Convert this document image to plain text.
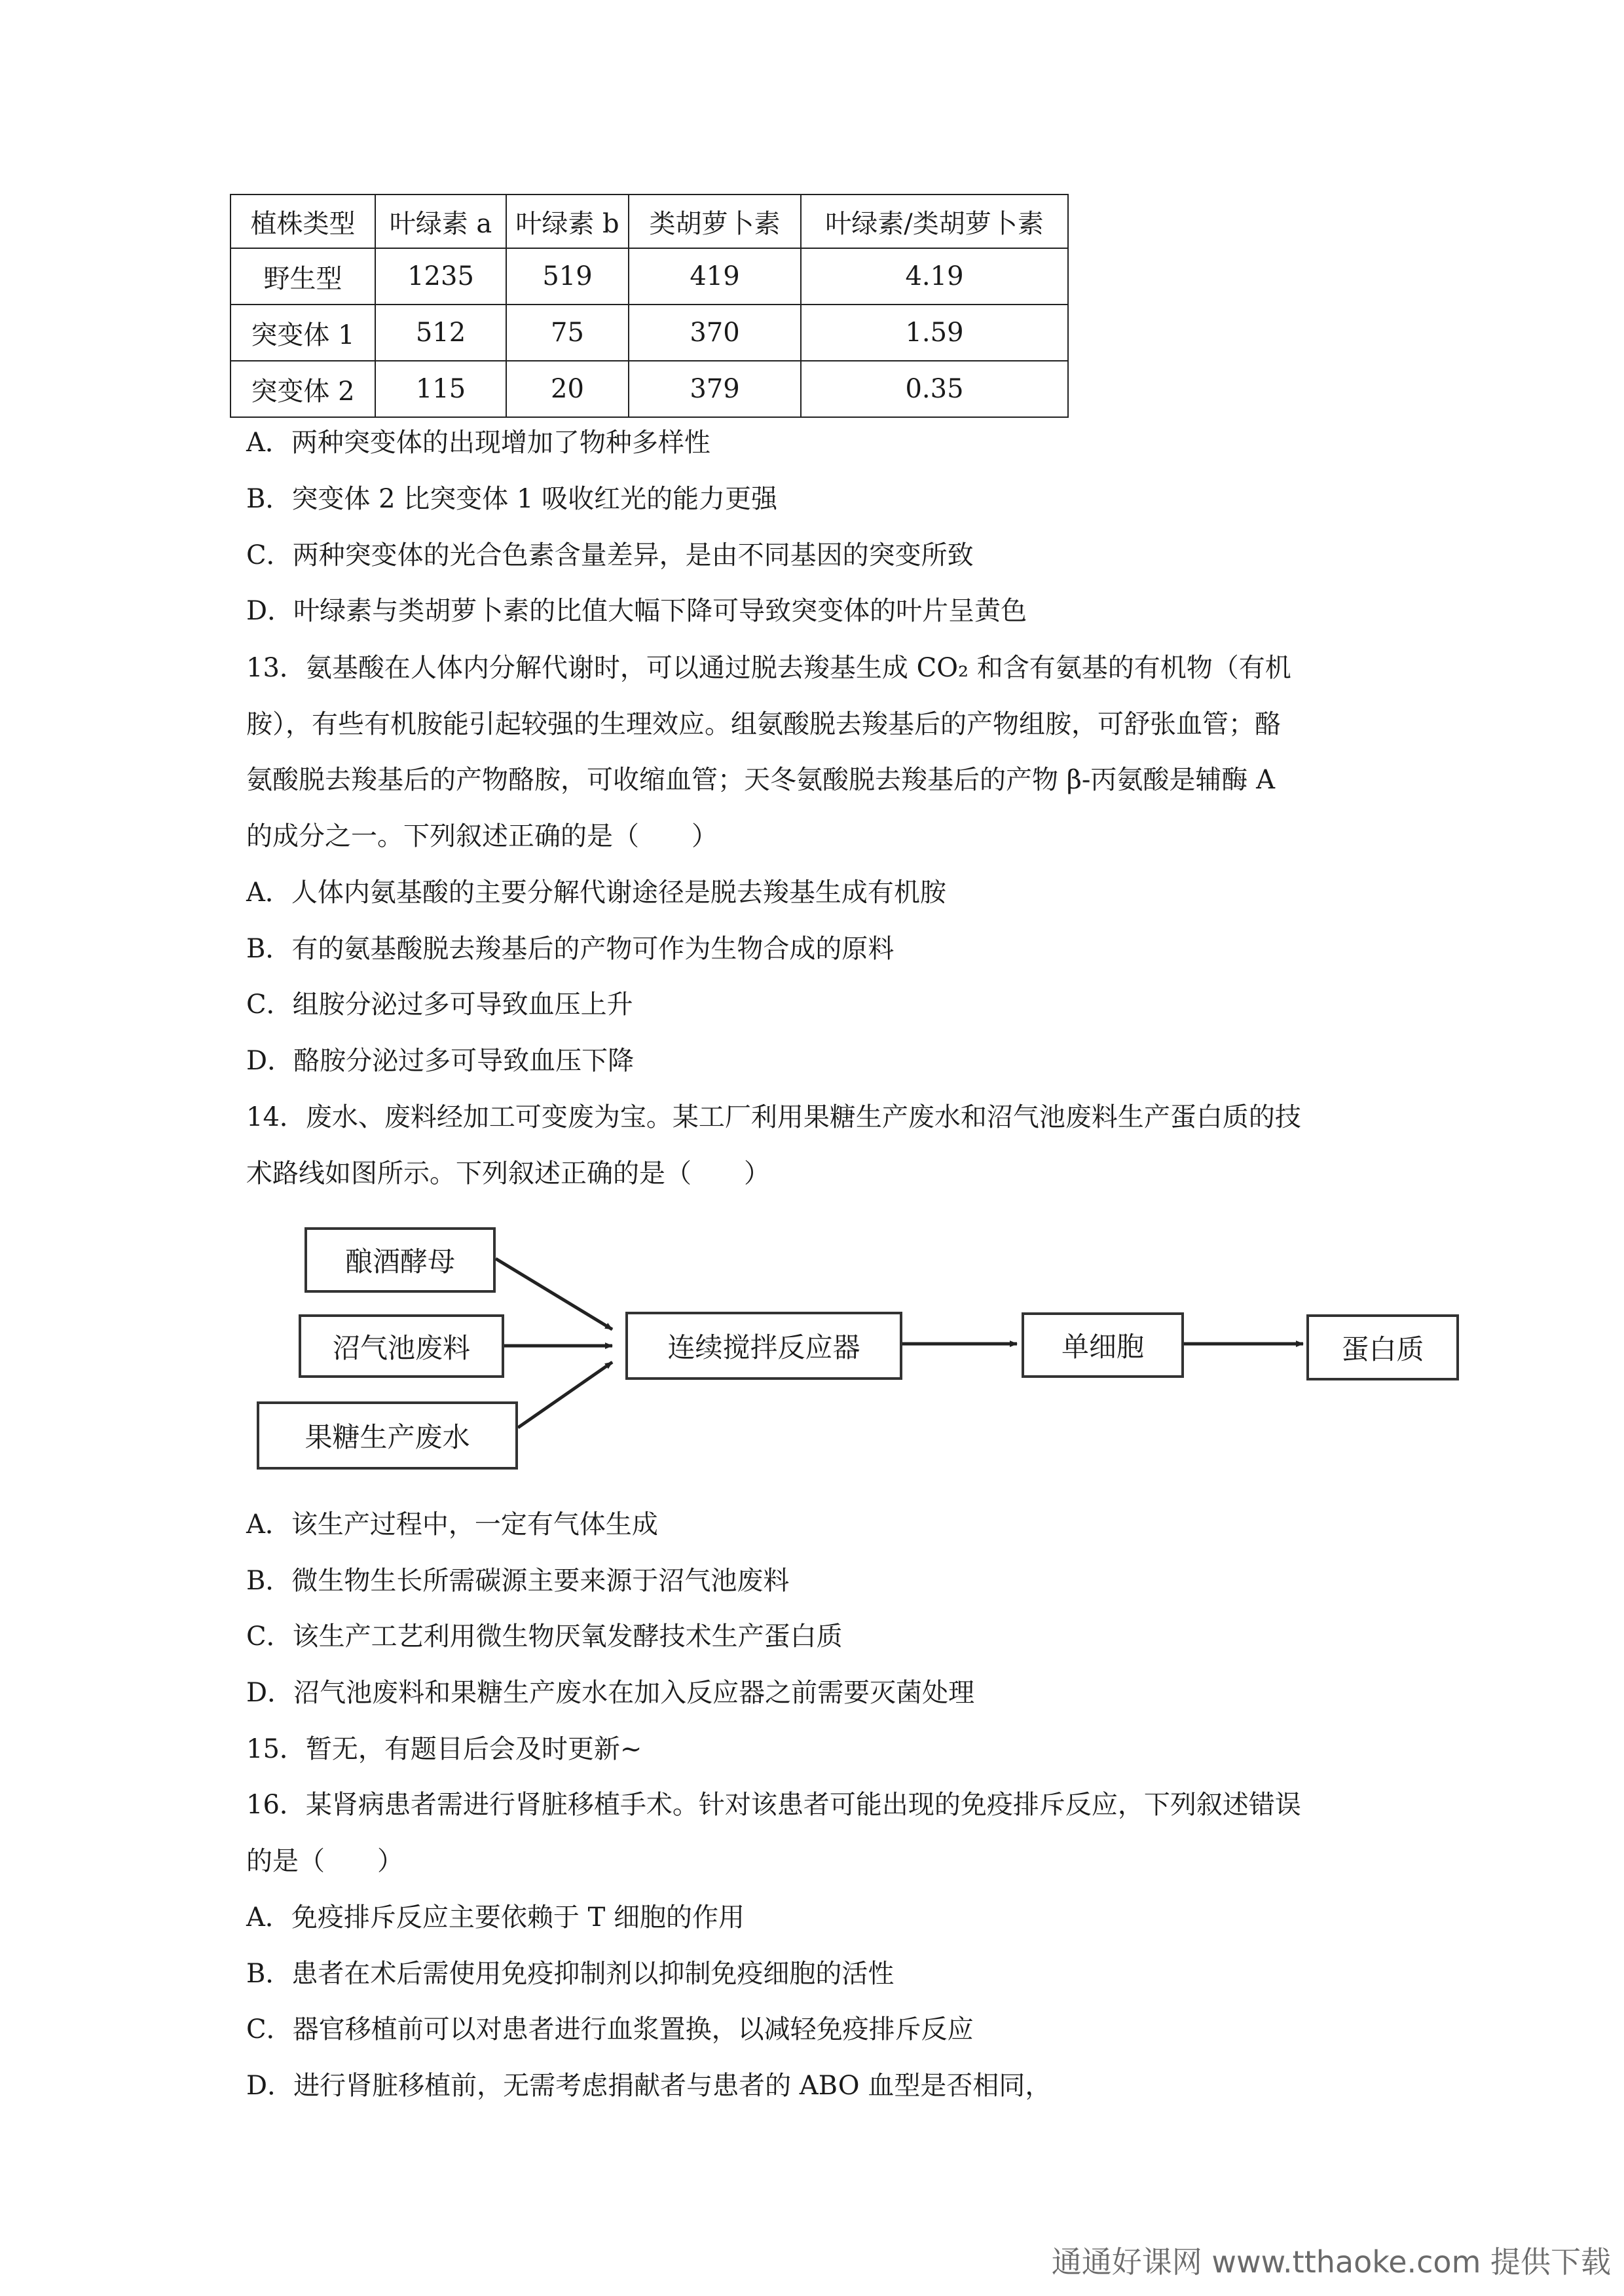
植株类型	叶绿素 a	叶绿素 b	类胡萝卜素	叶绿素/类胡萝卜素
野生型	1235	519	419	4.19
突变体 1	512	75	370	1.59
突变体 2	115	20	379	0.35
A．两种突变体的出现增加了物种多样性
B．突变体 2 比突变体 1 吸收红光的能力更强
C．两种突变体的光合色素含量差异，是由不同基因的突变所致
D．叶绿素与类胡萝卜素的比值大幅下降可导致突变体的叶片呈黄色
13．氨基酸在人体内分解代谢时，可以通过脱去羧基生成 CO₂ 和含有氨基的有机物（有机
胺），有些有机胺能引起较强的生理效应。组氨酸脱去羧基后的产物组胺，可舒张血管；酪
氨酸脱去羧基后的产物酪胺，可收缩血管；天冬氨酸脱去羧基后的产物 β-丙氨酸是辅酶 A
的成分之一。下列叙述正确的是（　　）
A．人体内氨基酸的主要分解代谢途径是脱去羧基生成有机胺
B．有的氨基酸脱去羧基后的产物可作为生物合成的原料
C．组胺分泌过多可导致血压上升
D．酪胺分泌过多可导致血压下降
14．废水、废料经加工可变废为宝。某工厂利用果糖生产废水和沼气池废料生产蛋白质的技
术路线如图所示。下列叙述正确的是（　　）
酿酒酵母
沼气池废料
果糖生产废水
连续搅拌反应器	单细胞	蛋白质
A．该生产过程中，一定有气体生成
B．微生物生长所需碳源主要来源于沼气池废料
C．该生产工艺利用微生物厌氧发酵技术生产蛋白质
D．沼气池废料和果糖生产废水在加入反应器之前需要灭菌处理
15．暂无，有题目后会及时更新~
16．某肾病患者需进行肾脏移植手术。针对该患者可能出现的免疫排斥反应，下列叙述错误
的是（　　）
A．免疫排斥反应主要依赖于 T 细胞的作用
B．患者在术后需使用免疫抑制剂以抑制免疫细胞的活性
C．器官移植前可以对患者进行血浆置换，以减轻免疫排斥反应
D．进行肾脏移植前，无需考虑捐献者与患者的 ABO 血型是否相同，
通通好课网 www.tthaoke.com 提供下载
